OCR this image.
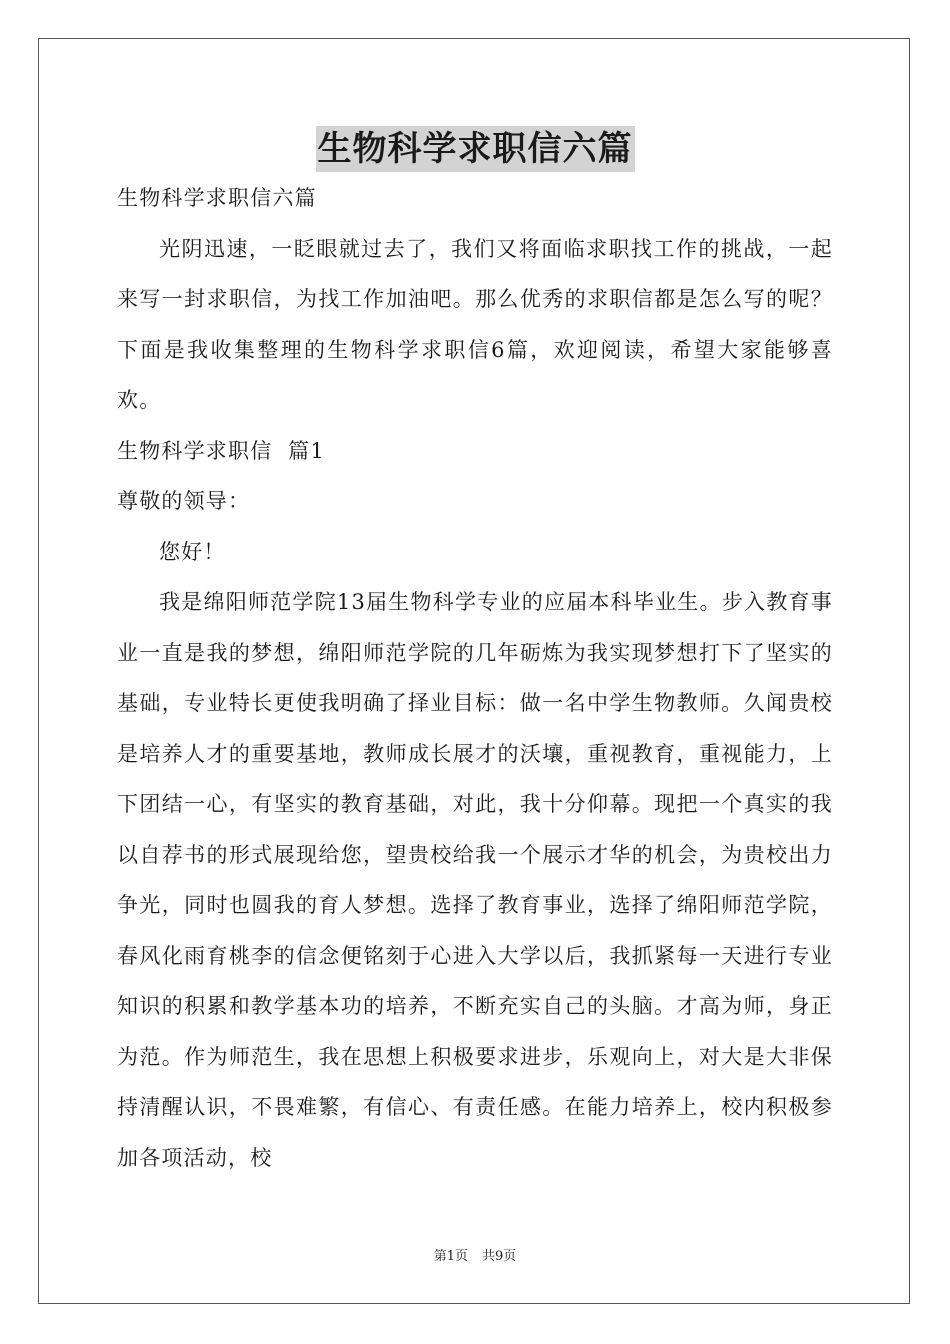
生物科学求职信六篇

生物科学求职信六篇

光阴迅速，一眨眼就过去了，我们又将面临求职找工作的挑战，一起来写一封求职信，为找工作加油吧。那么优秀的求职信都是怎么写的呢？下面是我收集整理的生物科学求职信6篇，欢迎阅读，希望大家能够喜欢。

生物科学求职信  篇1

尊敬的领导：

您好！

我是绵阳师范学院13届生物科学专业的应届本科毕业生。步入教育事业一直是我的梦想，绵阳师范学院的几年砺炼为我实现梦想打下了坚实的基础，专业特长更使我明确了择业目标：做一名中学生物教师。久闻贵校是培养人才的重要基地，教师成长展才的沃壤，重视教育，重视能力，上下团结一心，有坚实的教育基础，对此，我十分仰幕。现把一个真实的我以自荐书的形式展现给您，望贵校给我一个展示才华的机会，为贵校出力争光，同时也圆我的育人梦想。选择了教育事业，选择了绵阳师范学院，春风化雨育桃李的信念便铭刻于心进入大学以后，我抓紧每一天进行专业知识的积累和教学基本功的培养，不断充实自己的头脑。才高为师，身正为范。作为师范生，我在思想上积极要求进步，乐观向上，对大是大非保持清醒认识，不畏难繁，有信心、有责任感。在能力培养上，校内积极参加各项活动，校

第1页 共9页
